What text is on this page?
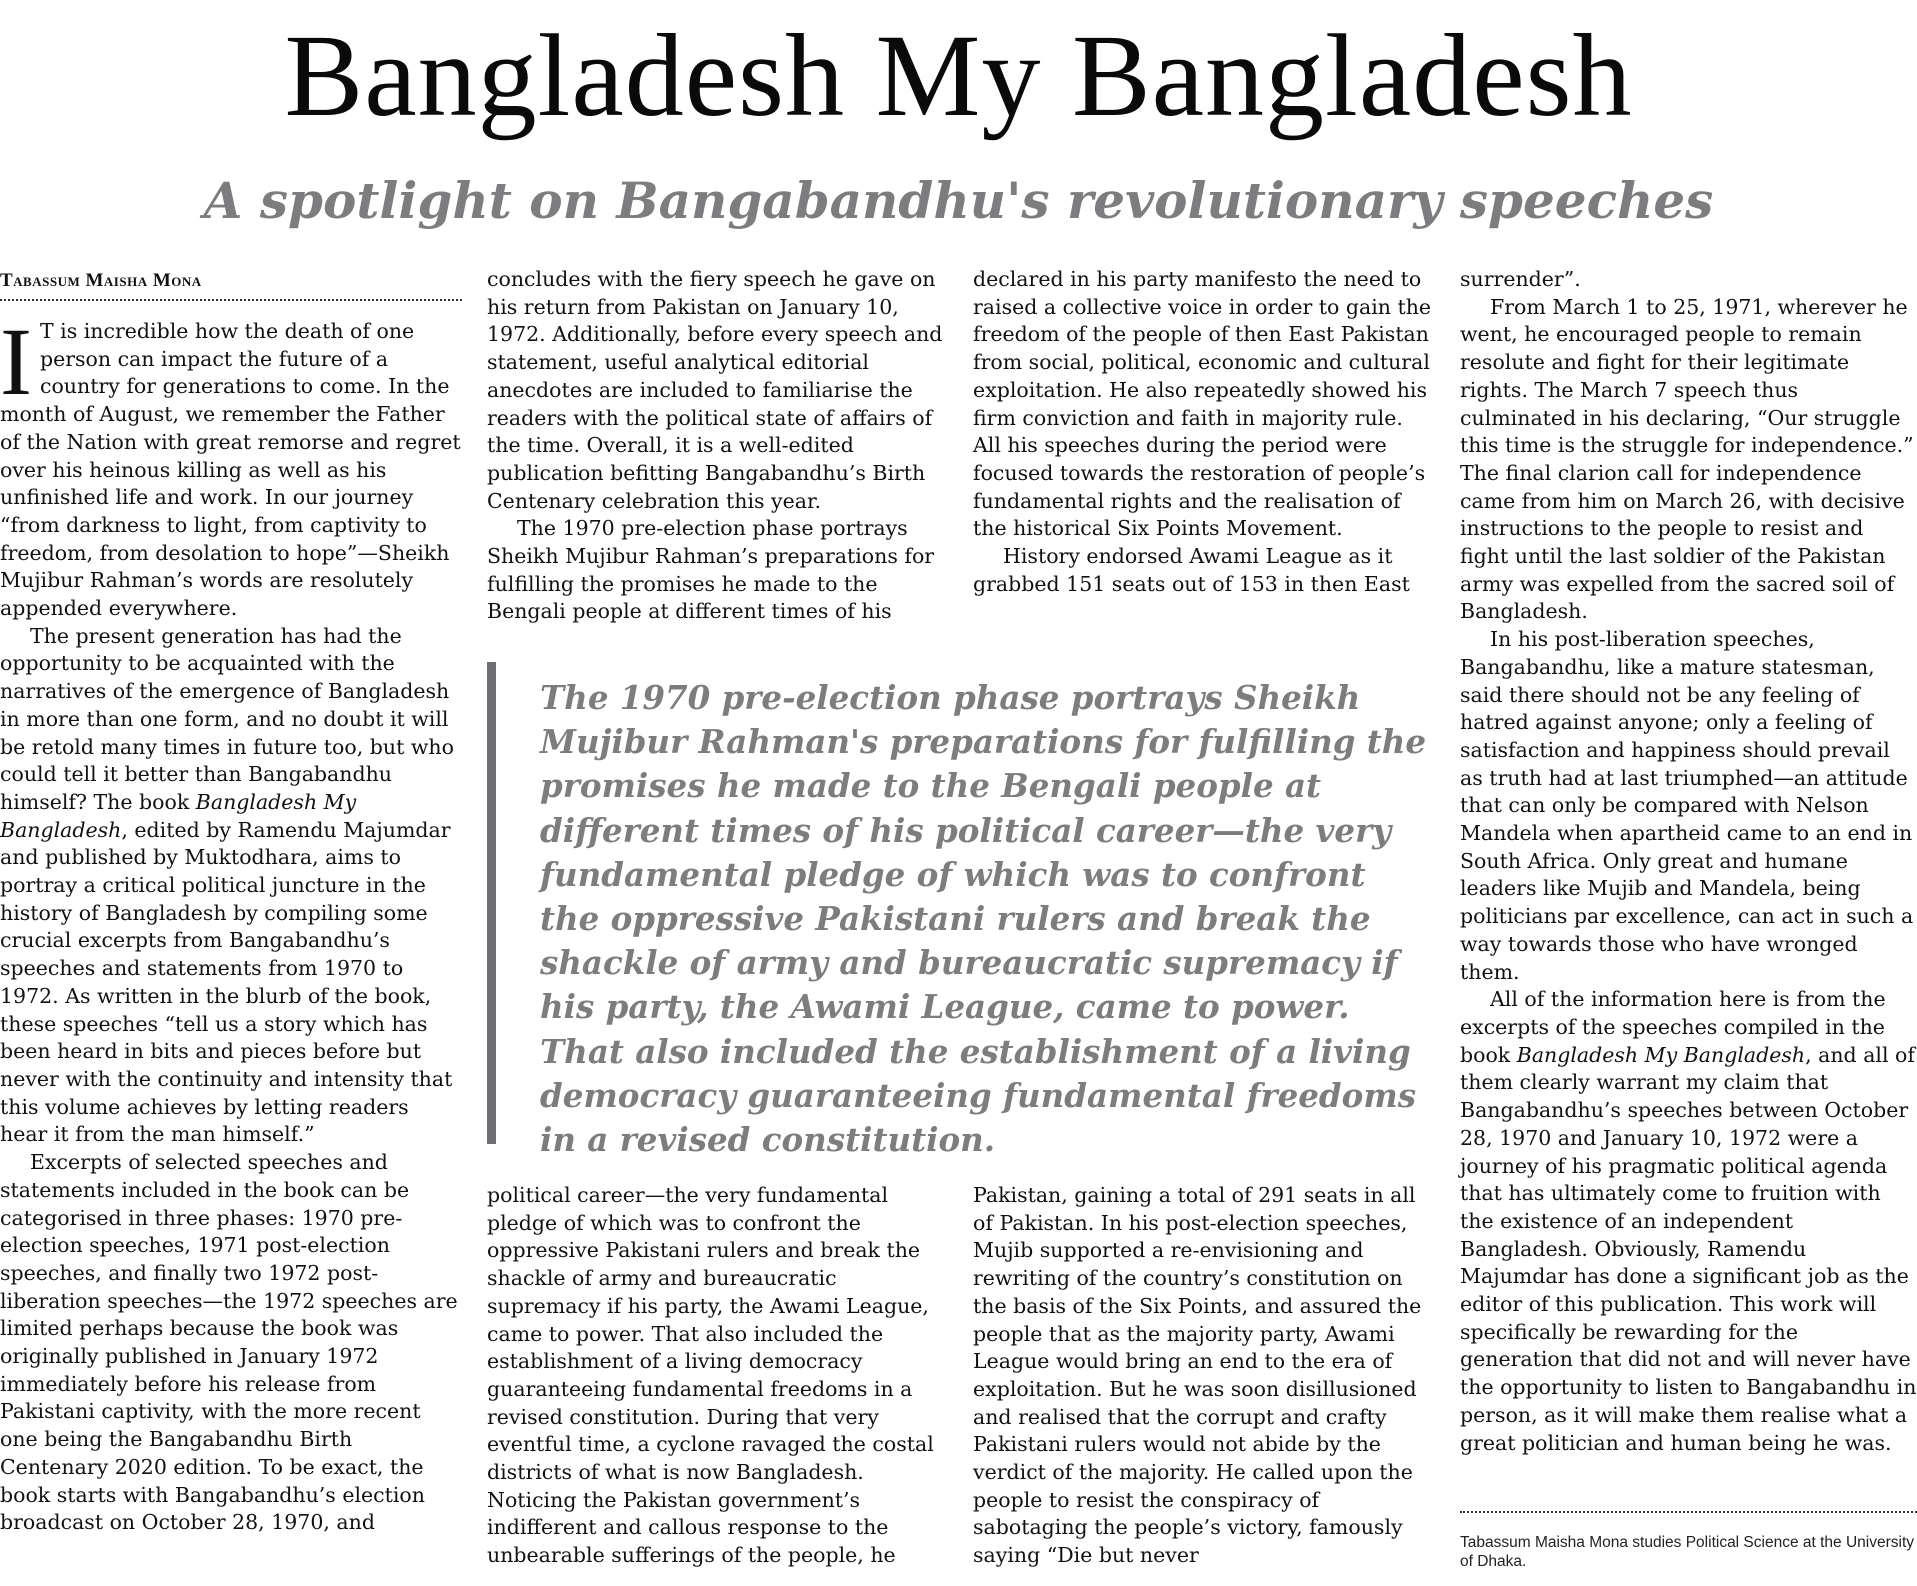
Bangladesh My Bangladesh
A spotlight on Bangabandhu's revolutionary speeches
Tabassum Maisha Mona

I T is incredible how the death of one person can impact the future of a country for generations to come. In the month of August, we remember the Father of the Nation with great remorse and regret over his heinous killing as well as his unfinished life and work. In our journey “from darkness to light, from captivity to freedom, from desolation to hope”—Sheikh Mujibur Rahman’s words are resolutely appended everywhere.

The present generation has had the opportunity to be acquainted with the narratives of the emergence of Bangladesh in more than one form, and no doubt it will be retold many times in future too, but who could tell it better than Bangabandhu himself? The book Bangladesh My Bangladesh, edited by Ramendu Majumdar and published by Muktodhara, aims to portray a critical political juncture in the history of Bangladesh by compiling some crucial excerpts from Bangabandhu’s speeches and statements from 1970 to 1972. As written in the blurb of the book, these speeches “tell us a story which has been heard in bits and pieces before but never with the continuity and intensity that this volume achieves by letting readers hear it from the man himself.”

Excerpts of selected speeches and statements included in the book can be categorised in three phases: 1970 pre-election speeches, 1971 post-election speeches, and finally two 1972 post-liberation speeches—the 1972 speeches are limited perhaps because the book was originally published in January 1972 immediately before his release from Pakistani captivity, with the more recent one being the Bangabandhu Birth Centenary 2020 edition. To be exact, the book starts with Bangabandhu’s election broadcast on October 28, 1970, and

concludes with the fiery speech he gave on his return from Pakistan on January 10, 1972. Additionally, before every speech and statement, useful analytical editorial anecdotes are included to familiarise the readers with the political state of affairs of the time. Overall, it is a well-edited publication befitting Bangabandhu’s Birth Centenary celebration this year.

The 1970 pre-election phase portrays Sheikh Mujibur Rahman’s preparations for fulfilling the promises he made to the Bengali people at different times of his

declared in his party manifesto the need to raised a collective voice in order to gain the freedom of the people of then East Pakistan from social, political, economic and cultural exploitation. He also repeatedly showed his firm conviction and faith in majority rule. All his speeches during the period were focused towards the restoration of people’s fundamental rights and the realisation of the historical Six Points Movement.

History endorsed Awami League as it grabbed 151 seats out of 153 in then East

The 1970 pre-election phase portrays Sheikh Mujibur Rahman's preparations for fulfilling the promises he made to the Bengali people at different times of his political career—the very fundamental pledge of which was to confront the oppressive Pakistani rulers and break the shackle of army and bureaucratic supremacy if his party, the Awami League, came to power. That also included the establishment of a living democracy guaranteeing fundamental freedoms in a revised constitution.

political career—the very fundamental pledge of which was to confront the oppressive Pakistani rulers and break the shackle of army and bureaucratic supremacy if his party, the Awami League, came to power. That also included the establishment of a living democracy guaranteeing fundamental freedoms in a revised constitution. During that very eventful time, a cyclone ravaged the costal districts of what is now Bangladesh. Noticing the Pakistan government’s indifferent and callous response to the unbearable sufferings of the people, he

Pakistan, gaining a total of 291 seats in all of Pakistan. In his post-election speeches, Mujib supported a re-envisioning and rewriting of the country’s constitution on the basis of the Six Points, and assured the people that as the majority party, Awami League would bring an end to the era of exploitation. But he was soon disillusioned and realised that the corrupt and crafty Pakistani rulers would not abide by the verdict of the majority. He called upon the people to resist the conspiracy of sabotaging the people’s victory, famously saying “Die but never

surrender”.

From March 1 to 25, 1971, wherever he went, he encouraged people to remain resolute and fight for their legitimate rights. The March 7 speech thus culminated in his declaring, “Our struggle this time is the struggle for independence.” The final clarion call for independence came from him on March 26, with decisive instructions to the people to resist and fight until the last soldier of the Pakistan army was expelled from the sacred soil of Bangladesh.

In his post-liberation speeches, Bangabandhu, like a mature statesman, said there should not be any feeling of hatred against anyone; only a feeling of satisfaction and happiness should prevail as truth had at last triumphed—an attitude that can only be compared with Nelson Mandela when apartheid came to an end in South Africa. Only great and humane leaders like Mujib and Mandela, being politicians par excellence, can act in such a way towards those who have wronged them.

All of the information here is from the excerpts of the speeches compiled in the book Bangladesh My Bangladesh, and all of them clearly warrant my claim that Bangabandhu’s speeches between October 28, 1970 and January 10, 1972 were a journey of his pragmatic political agenda that has ultimately come to fruition with the existence of an independent Bangladesh. Obviously, Ramendu Majumdar has done a significant job as the editor of this publication. This work will specifically be rewarding for the generation that did not and will never have the opportunity to listen to Bangabandhu in person, as it will make them realise what a great politician and human being he was.

Tabassum Maisha Mona studies Political Science at the University of Dhaka.
